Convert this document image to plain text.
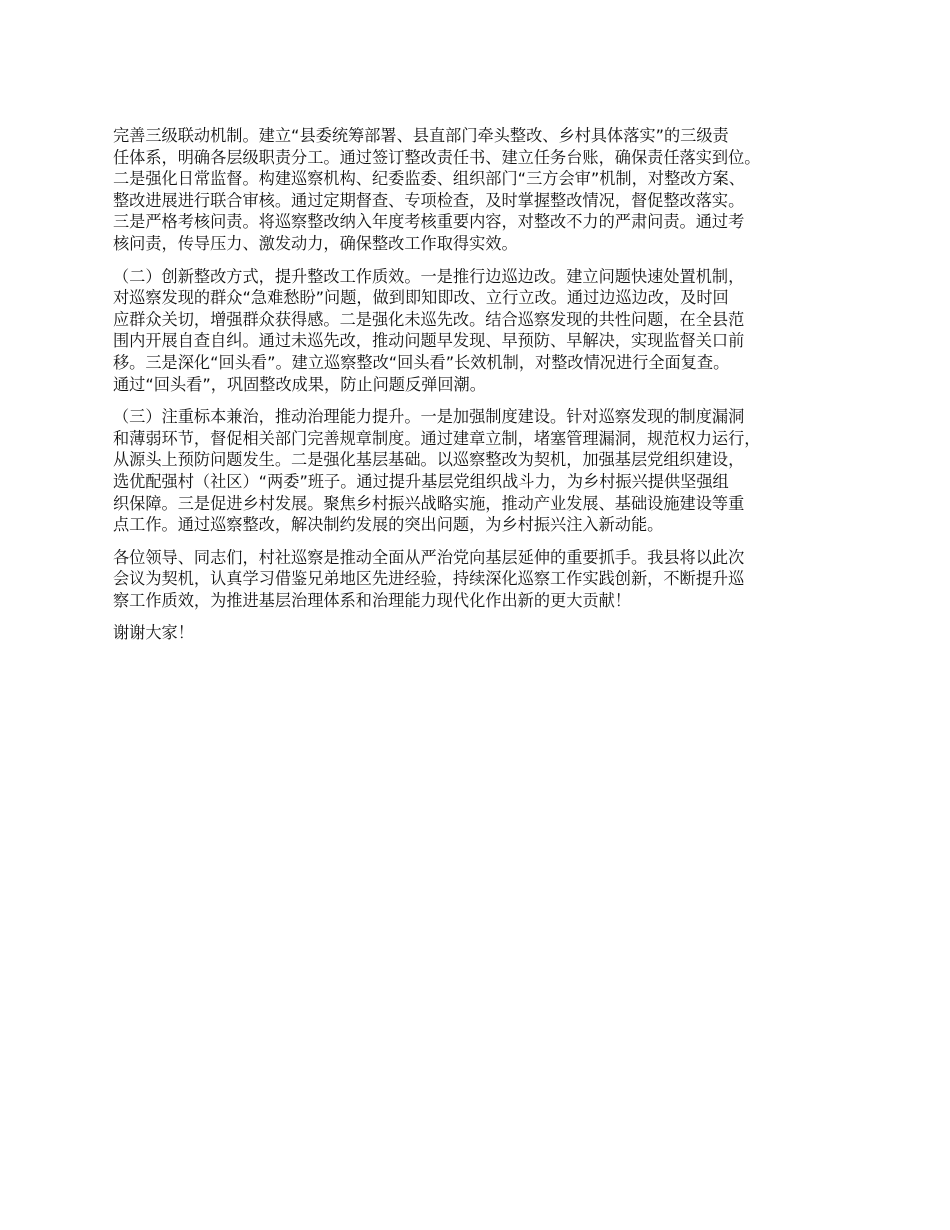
完善三级联动机制。建立“县委统筹部署、县直部门牵头整改、乡村具体落实”的三级责
任体系，明确各层级职责分工。通过签订整改责任书、建立任务台账，确保责任落实到位。
二是强化日常监督。构建巡察机构、纪委监委、组织部门“三方会审”机制，对整改方案、
整改进展进行联合审核。通过定期督查、专项检查，及时掌握整改情况，督促整改落实。
三是严格考核问责。将巡察整改纳入年度考核重要内容，对整改不力的严肃问责。通过考
核问责，传导压力、激发动力，确保整改工作取得实效。

（二）创新整改方式，提升整改工作质效。一是推行边巡边改。建立问题快速处置机制，
对巡察发现的群众“急难愁盼”问题，做到即知即改、立行立改。通过边巡边改，及时回
应群众关切，增强群众获得感。二是强化未巡先改。结合巡察发现的共性问题，在全县范
围内开展自查自纠。通过未巡先改，推动问题早发现、早预防、早解决，实现监督关口前
移。三是深化“回头看”。建立巡察整改“回头看”长效机制，对整改情况进行全面复查。
通过“回头看”，巩固整改成果，防止问题反弹回潮。

（三）注重标本兼治，推动治理能力提升。一是加强制度建设。针对巡察发现的制度漏洞
和薄弱环节，督促相关部门完善规章制度。通过建章立制，堵塞管理漏洞，规范权力运行，
从源头上预防问题发生。二是强化基层基础。以巡察整改为契机，加强基层党组织建设，
选优配强村（社区）“两委”班子。通过提升基层党组织战斗力，为乡村振兴提供坚强组
织保障。三是促进乡村发展。聚焦乡村振兴战略实施，推动产业发展、基础设施建设等重
点工作。通过巡察整改，解决制约发展的突出问题，为乡村振兴注入新动能。

各位领导、同志们，村社巡察是推动全面从严治党向基层延伸的重要抓手。我县将以此次
会议为契机，认真学习借鉴兄弟地区先进经验，持续深化巡察工作实践创新，不断提升巡
察工作质效，为推进基层治理体系和治理能力现代化作出新的更大贡献！

谢谢大家！
